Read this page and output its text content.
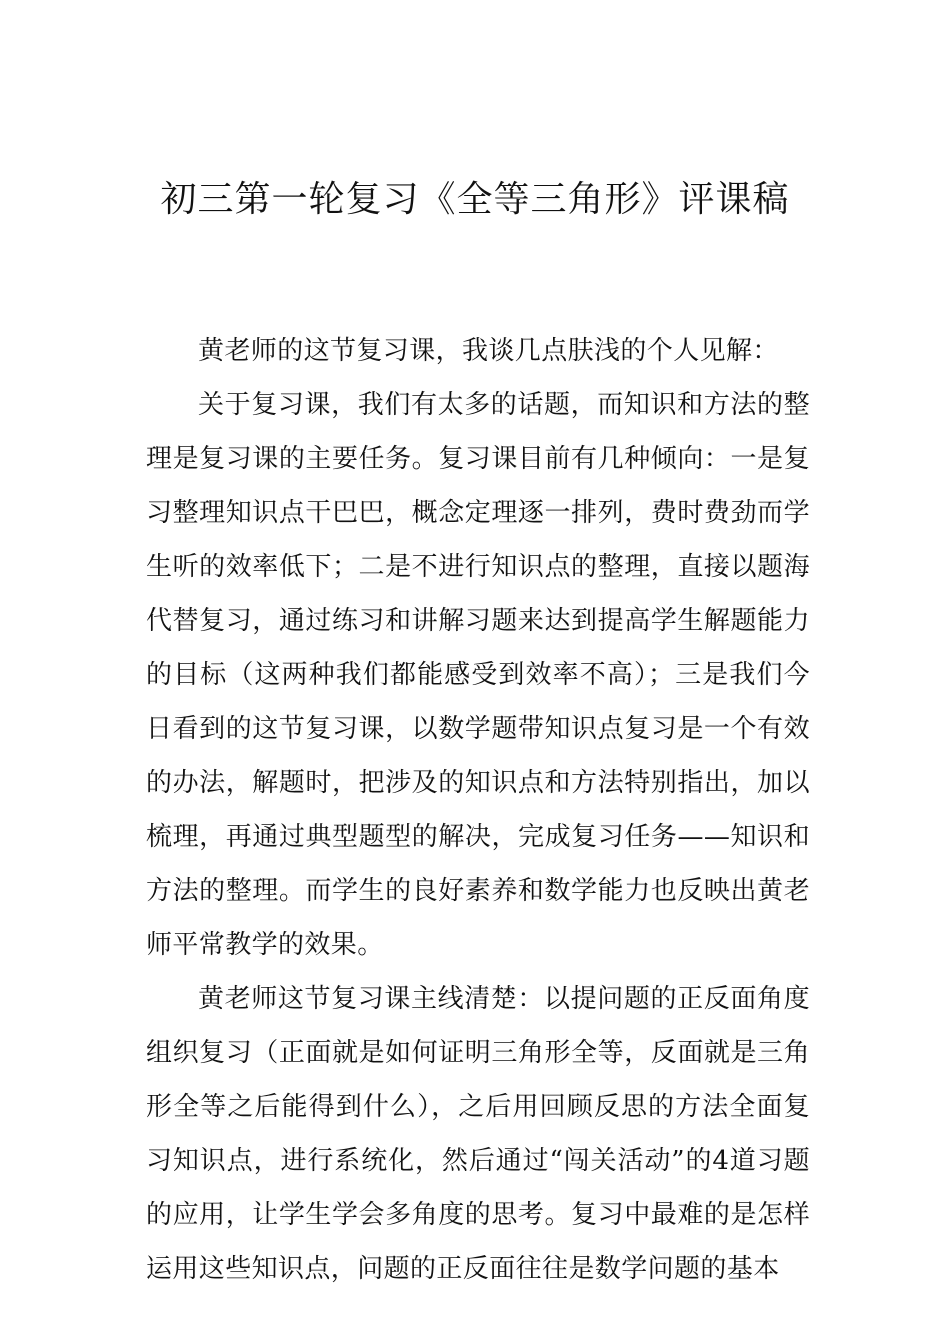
初三第一轮复习《全等三角形》评课稿

黄老师的这节复习课，我谈几点肤浅的个人见解：

关于复习课，我们有太多的话题，而知识和方法的整理是复习课的主要任务。复习课目前有几种倾向：一是复习整理知识点干巴巴，概念定理逐一排列，费时费劲而学生听的效率低下；二是不进行知识点的整理，直接以题海代替复习，通过练习和讲解习题来达到提高学生解题能力的目标（这两种我们都能感受到效率不高）；三是我们今日看到的这节复习课，以数学题带知识点复习是一个有效的办法，解题时，把涉及的知识点和方法特别指出，加以梳理，再通过典型题型的解决，完成复习任务——知识和方法的整理。而学生的良好素养和数学能力也反映出黄老师平常教学的效果。

黄老师这节复习课主线清楚：以提问题的正反面角度组织复习（正面就是如何证明三角形全等，反面就是三角形全等之后能得到什么），之后用回顾反思的方法全面复习知识点，进行系统化，然后通过“闯关活动”的4道习题的应用，让学生学会多角度的思考。复习中最难的是怎样运用这些知识点，问题的正反面往往是数学问题的基本
